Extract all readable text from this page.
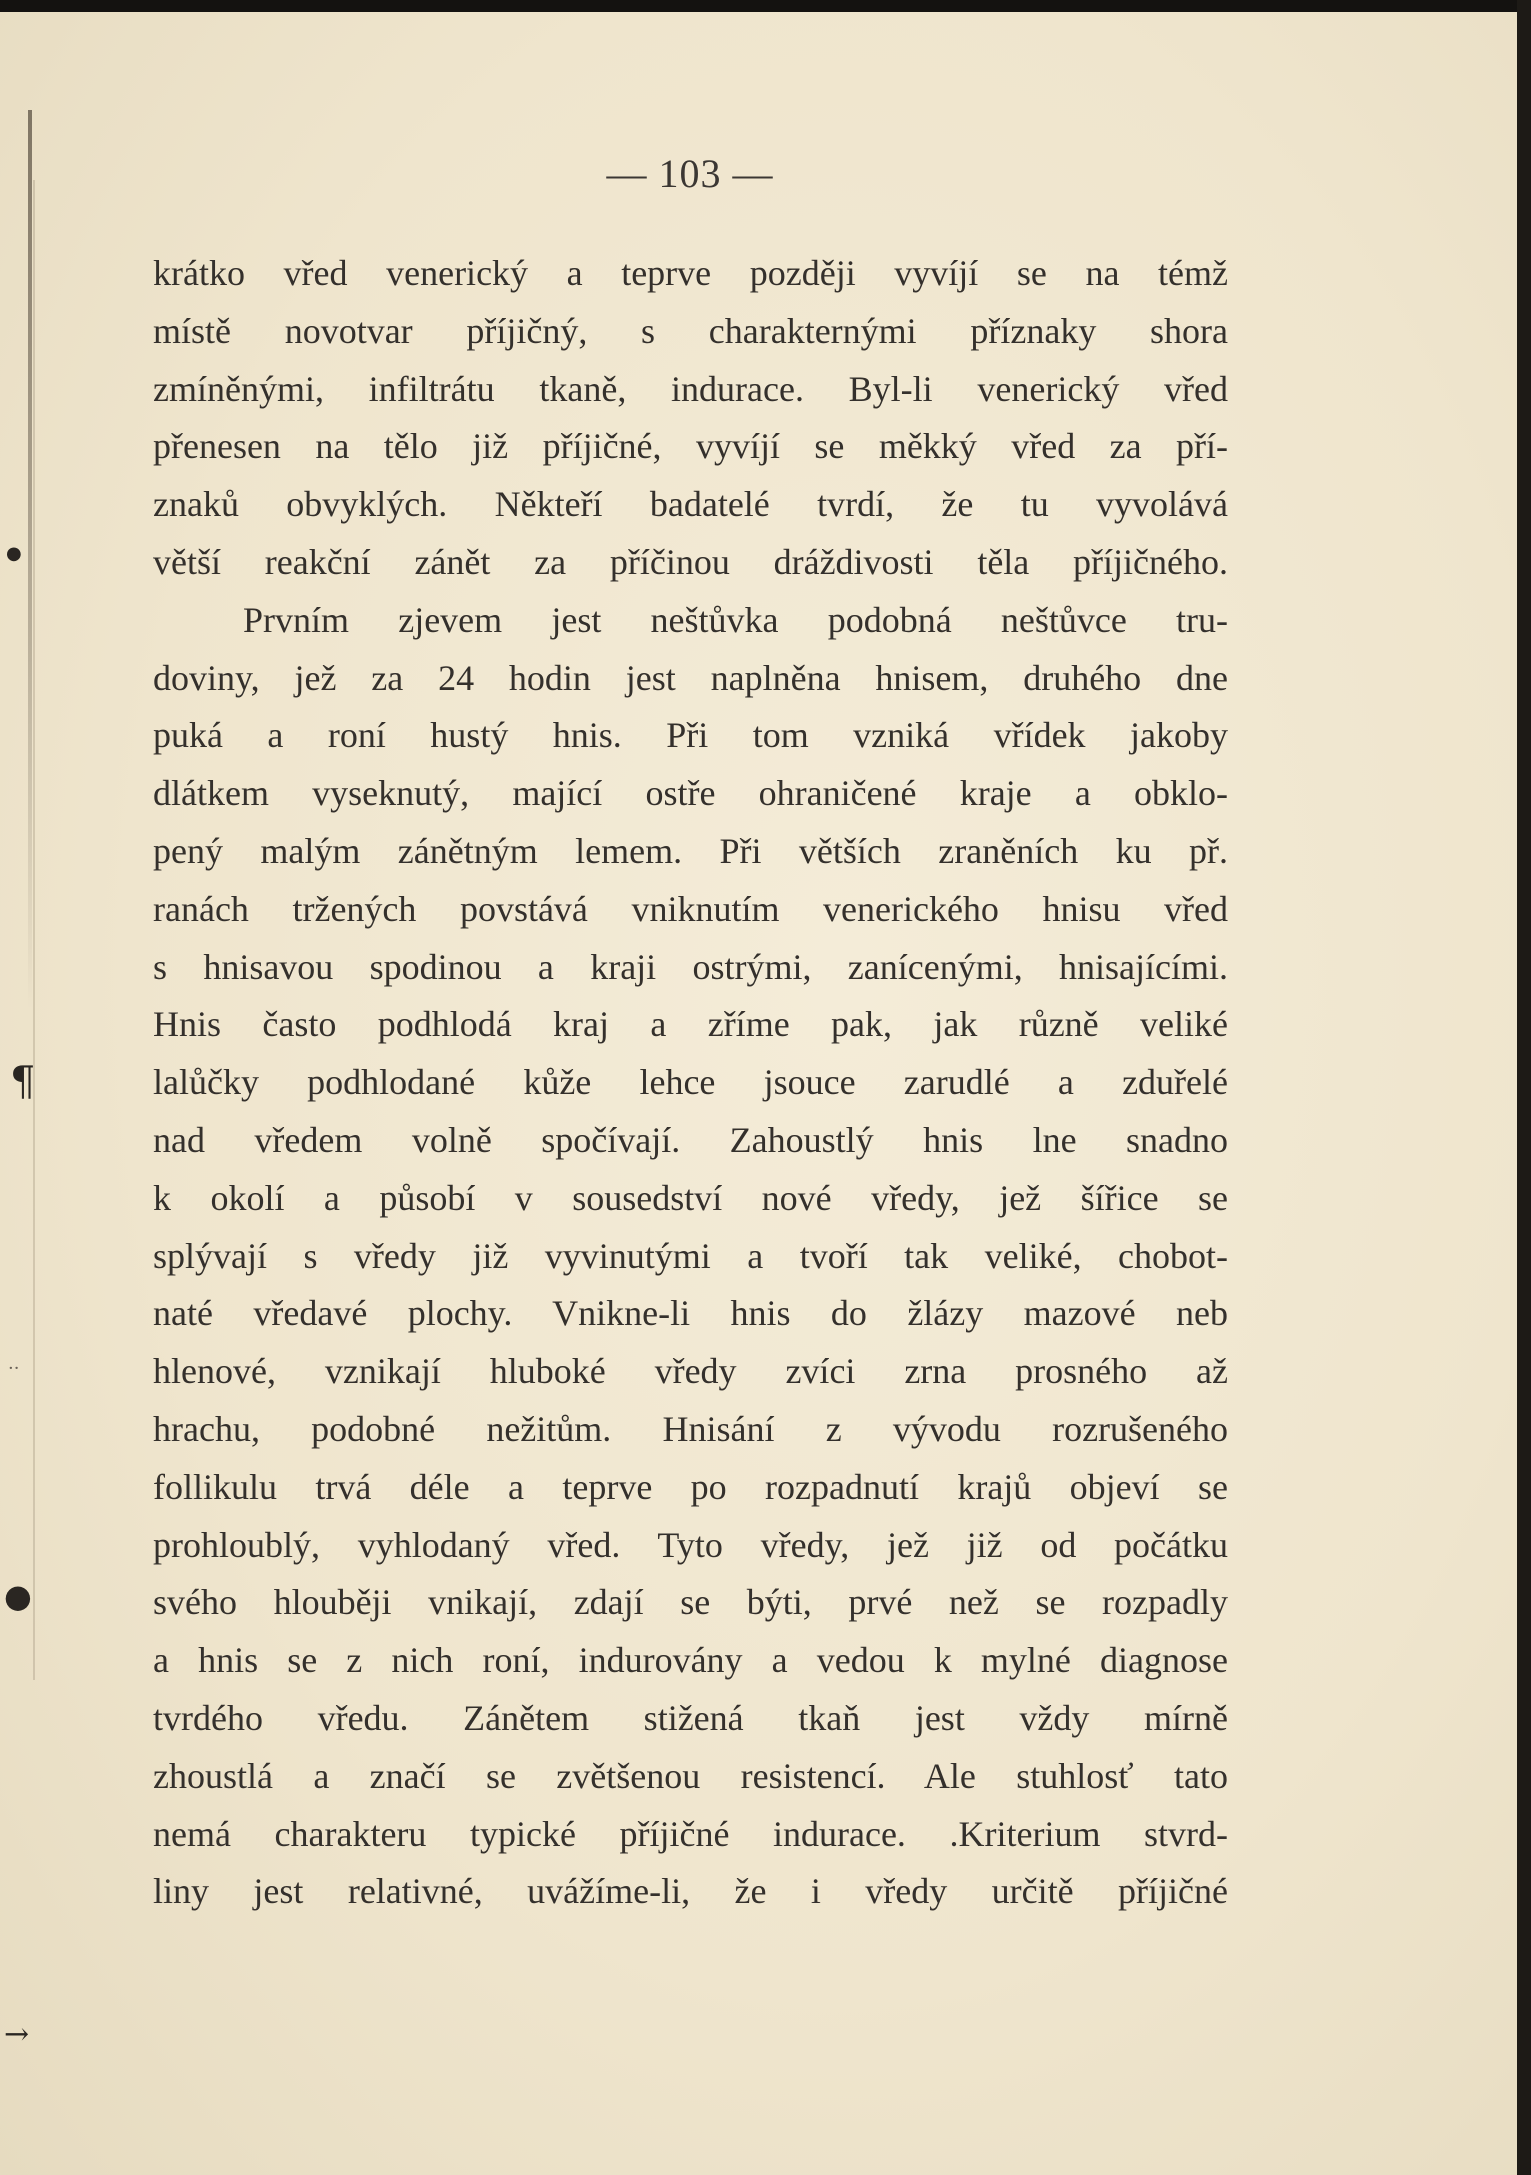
●
¶
●
→
··
— 103 —
krátko vřed venerický a teprve později vyvíjí se na témž
místě novotvar příjičný, s charakternými příznaky shora
zmíněnými, infiltrátu tkaně, indurace. Byl-li venerický vřed
přenesen na tělo již příjičné, vyvíjí se měkký vřed za pří-
znaků obvyklých. Někteří badatelé tvrdí, že tu vyvolává
větší reakční zánět za příčinou dráždivosti těla příjičného.
Prvním zjevem jest neštůvka podobná neštůvce tru-
doviny, jež za 24 hodin jest naplněna hnisem, druhého dne
puká a roní hustý hnis. Při tom vzniká vřídek jakoby
dlátkem vyseknutý, mající ostře ohraničené kraje a obklo-
pený malým zánětným lemem. Při větších zraněních ku př.
ranách tržených povstává vniknutím venerického hnisu vřed
s hnisavou spodinou a kraji ostrými, zanícenými, hnisajícími.
Hnis často podhlodá kraj a zříme pak, jak různě veliké
lalůčky podhlodané kůže lehce jsouce zarudlé a zduřelé
nad vředem volně spočívají. Zahoustlý hnis lne snadno
k okolí a působí v sousedství nové vředy, jež šířice se
splývají s vředy již vyvinutými a tvoří tak veliké, chobot-
naté vředavé plochy. Vnikne-li hnis do žlázy mazové neb
hlenové, vznikají hluboké vředy zvíci zrna prosného až
hrachu, podobné nežitům. Hnisání z vývodu rozrušeného
follikulu trvá déle a teprve po rozpadnutí krajů objeví se
prohloublý, vyhlodaný vřed. Tyto vředy, jež již od počátku
svého hlouběji vnikají, zdají se býti, prvé než se rozpadly
a hnis se z nich roní, indurovány a vedou k mylné diagnose
tvrdého vředu. Zánětem stižená tkaň jest vždy mírně
zhoustlá a značí se zvětšenou resistencí. Ale stuhlosť tato
nemá charakteru typické příjičné indurace. .Kriterium stvrd-
liny jest relativné, uvážíme-li, že i vředy určitě příjičné
